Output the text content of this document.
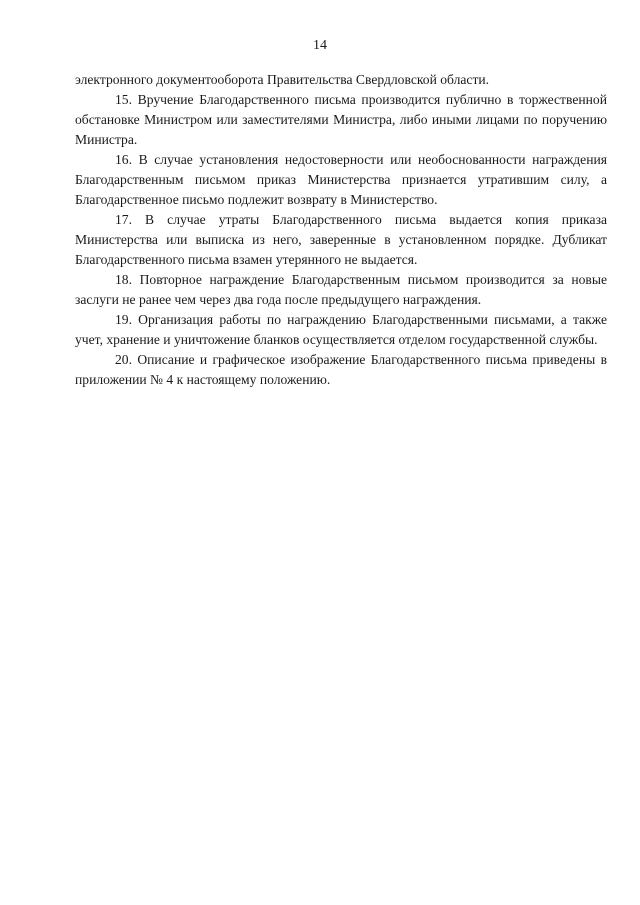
14

электронного документооборота Правительства Свердловской области.

15. Вручение Благодарственного письма производится публично в торжественной обстановке Министром или заместителями Министра, либо иными лицами по поручению Министра.

16. В случае установления недостоверности или необоснованности награждения Благодарственным письмом приказ Министерства признается утратившим силу, а Благодарственное письмо подлежит возврату в Министерство.

17. В случае утраты Благодарственного письма выдается копия приказа Министерства или выписка из него, заверенные в установленном порядке. Дубликат Благодарственного письма взамен утерянного не выдается.

18. Повторное награждение Благодарственным письмом производится за новые заслуги не ранее чем через два года после предыдущего награждения.

19. Организация работы по награждению Благодарственными письмами, а также учет, хранение и уничтожение бланков осуществляется отделом государственной службы.

20. Описание и графическое изображение Благодарственного письма приведены в приложении № 4 к настоящему положению.
